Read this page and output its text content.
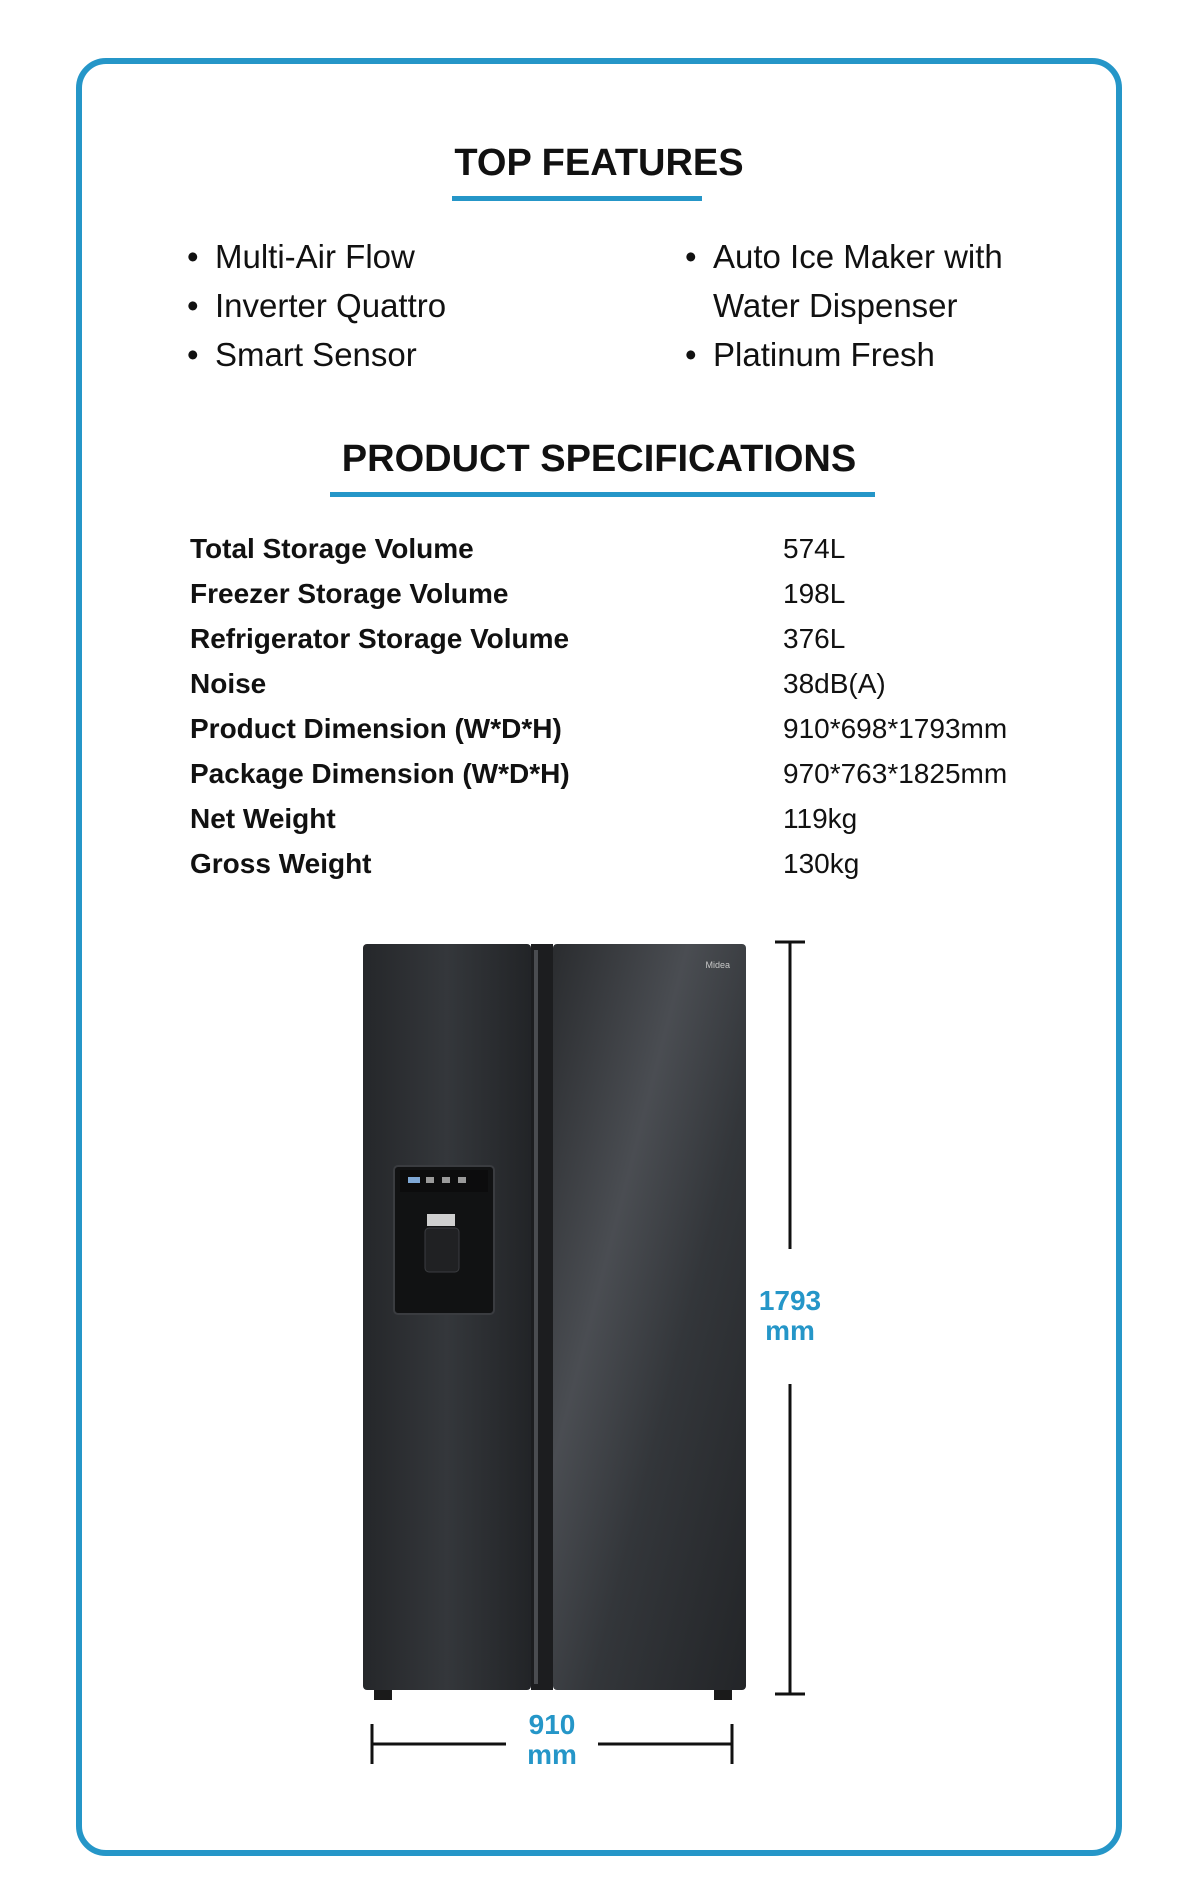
TOP FEATURES
• Multi-Air Flow
• Inverter Quattro
• Smart Sensor
• Auto Ice Maker with
Water Dispenser
• Platinum Fresh
PRODUCT SPECIFICATIONS
Total Storage Volume	574L
Freezer Storage Volume	198L
Refrigerator Storage Volume	376L
Noise	38dB(A)
Product Dimension (W*D*H)	910*698*1793mm
Package Dimension (W*D*H)	970*763*1825mm
Net Weight	119kg
Gross Weight	130kg
Midea
1793
mm
910
mm
